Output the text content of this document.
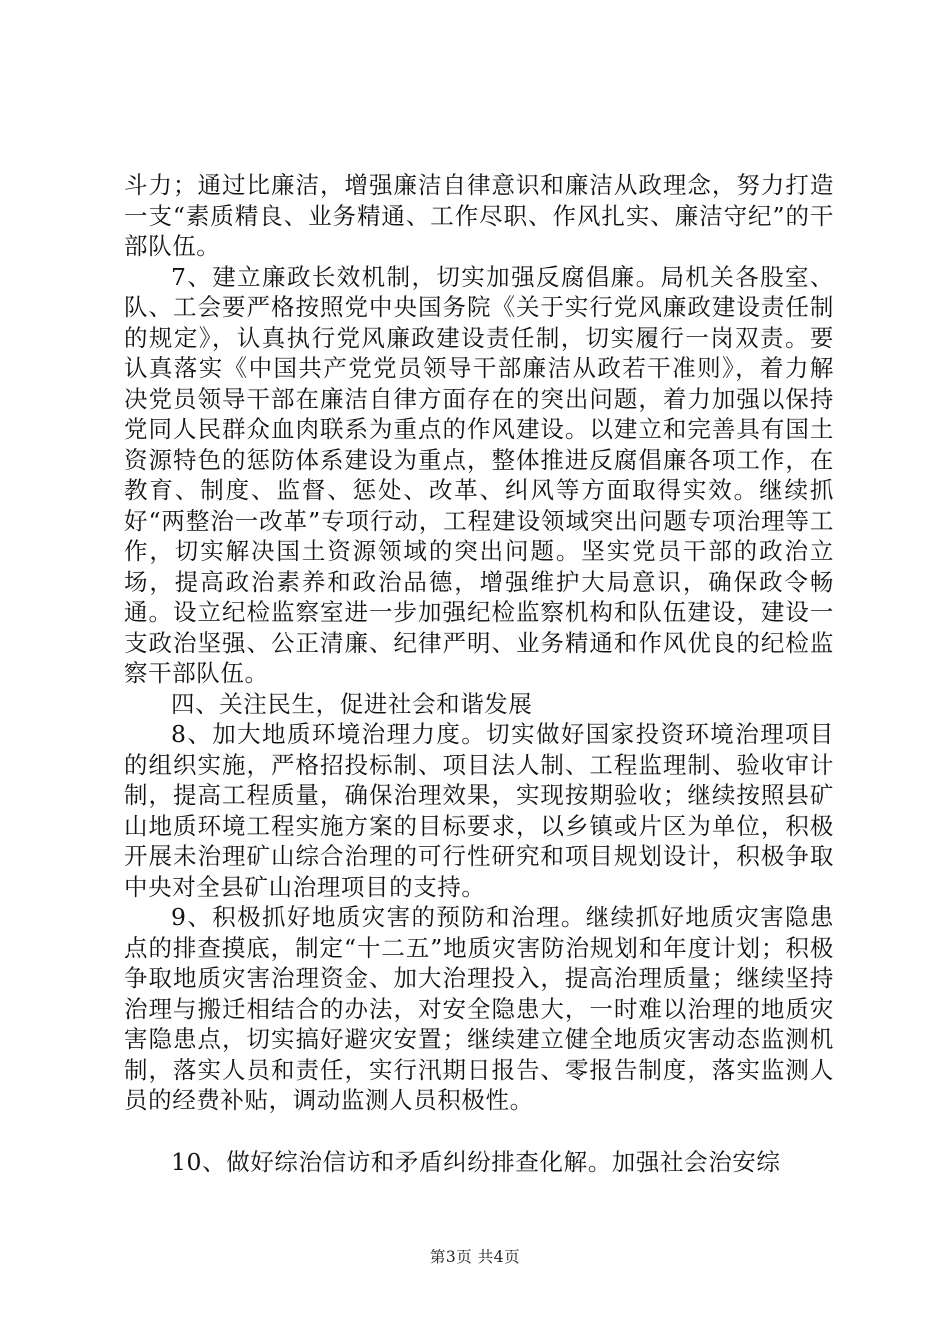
斗力；通过比廉洁，增强廉洁自律意识和廉洁从政理念，努力打造一支“素质精良、业务精通、工作尽职、作风扎实、廉洁守纪”的干部队伍。

7、建立廉政长效机制，切实加强反腐倡廉。局机关各股室、队、工会要严格按照党中央国务院《关于实行党风廉政建设责任制的规定》，认真执行党风廉政建设责任制，切实履行一岗双责。要认真落实《中国共产党党员领导干部廉洁从政若干准则》，着力解决党员领导干部在廉洁自律方面存在的突出问题，着力加强以保持党同人民群众血肉联系为重点的作风建设。以建立和完善具有国土资源特色的惩防体系建设为重点，整体推进反腐倡廉各项工作，在教育、制度、监督、惩处、改革、纠风等方面取得实效。继续抓好“两整治一改革”专项行动，工程建设领域突出问题专项治理等工作，切实解决国土资源领域的突出问题。坚实党员干部的政治立场，提高政治素养和政治品德，增强维护大局意识，确保政令畅通。设立纪检监察室进一步加强纪检监察机构和队伍建设，建设一支政治坚强、公正清廉、纪律严明、业务精通和作风优良的纪检监察干部队伍。

四、关注民生，促进社会和谐发展

8、加大地质环境治理力度。切实做好国家投资环境治理项目的组织实施，严格招投标制、项目法人制、工程监理制、验收审计制，提高工程质量，确保治理效果，实现按期验收；继续按照县矿山地质环境工程实施方案的目标要求，以乡镇或片区为单位，积极开展未治理矿山综合治理的可行性研究和项目规划设计，积极争取中央对全县矿山治理项目的支持。

9、积极抓好地质灾害的预防和治理。继续抓好地质灾害隐患点的排查摸底，制定“十二五”地质灾害防治规划和年度计划；积极争取地质灾害治理资金、加大治理投入，提高治理质量；继续坚持治理与搬迁相结合的办法，对安全隐患大，一时难以治理的地质灾害隐患点，切实搞好避灾安置；继续建立健全地质灾害动态监测机制，落实人员和责任，实行汛期日报告、零报告制度，落实监测人员的经费补贴，调动监测人员积极性。

10、做好综治信访和矛盾纠纷排查化解。加强社会治安综

第3页 共4页
